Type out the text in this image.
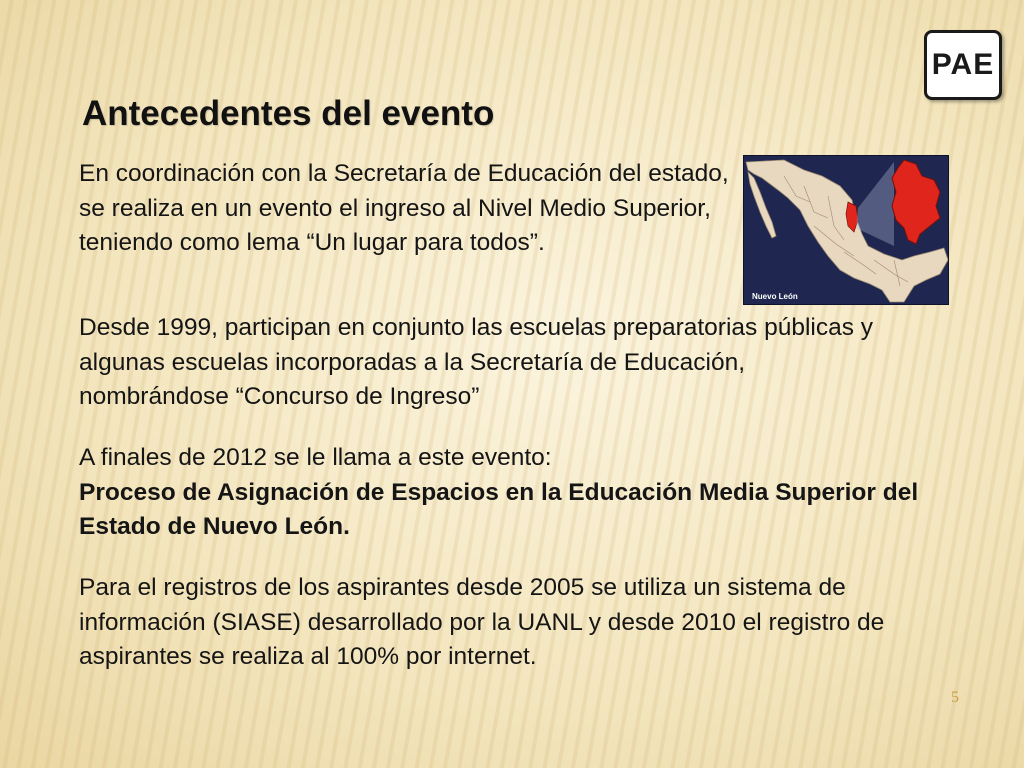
PAE
Antecedentes del evento

En coordinación con la Secretaría de Educación del estado, se realiza en un evento el ingreso al Nivel Medio Superior, teniendo como lema “Un lugar para todos”.

Nuevo León

Desde 1999, participan en conjunto las escuelas preparatorias públicas y algunas escuelas incorporadas a la Secretaría de Educación, nombrándose “Concurso de Ingreso”

A finales de 2012 se le llama a este evento:
Proceso de Asignación de Espacios en la Educación Media Superior del Estado de Nuevo León.

Para el registros de los aspirantes desde 2005 se utiliza un sistema de información (SIASE) desarrollado por la UANL y desde 2010 el registro de aspirantes se realiza al 100% por internet.

5
